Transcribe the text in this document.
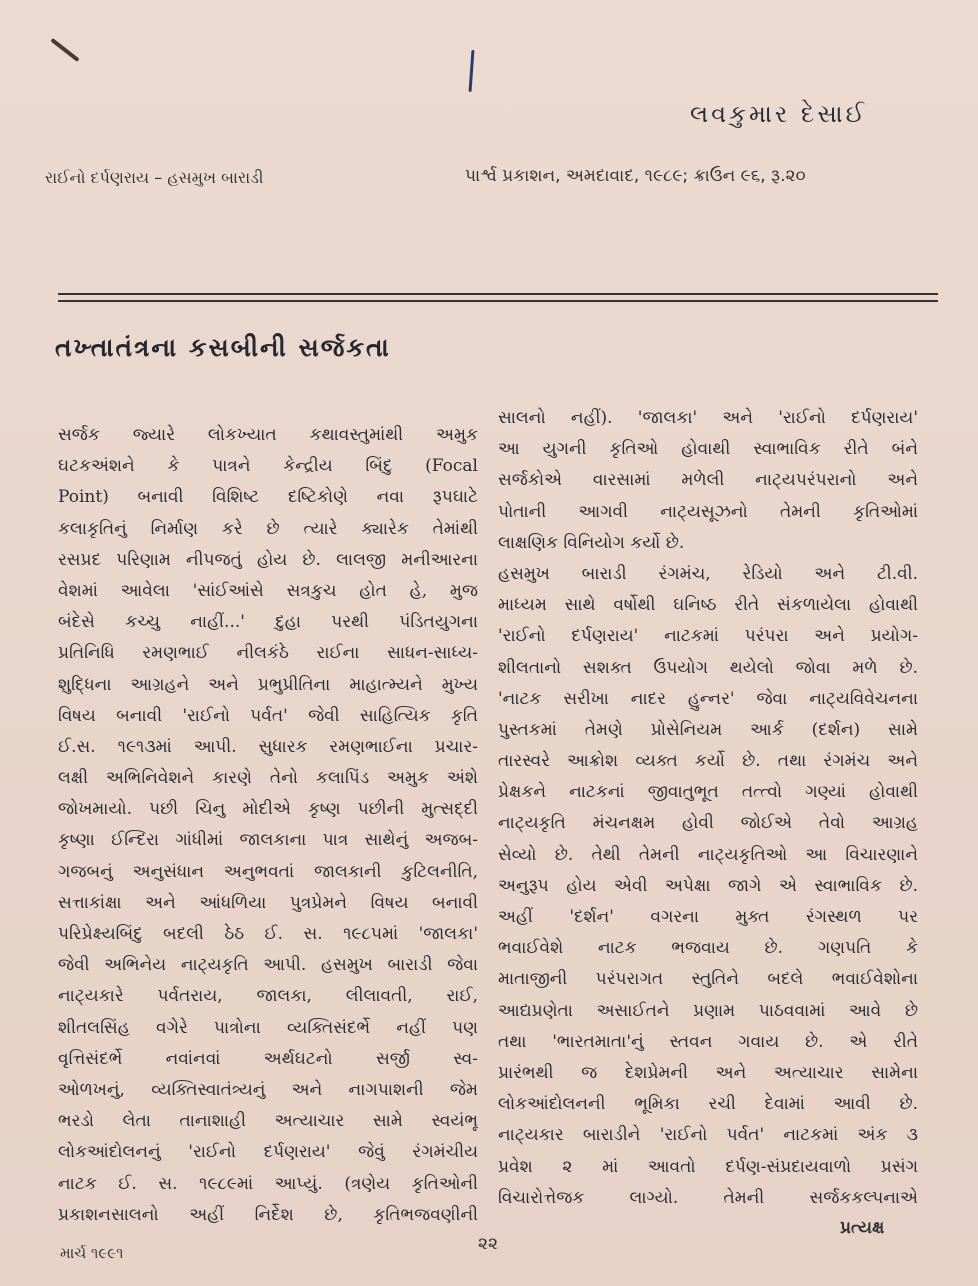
લવકુમાર દેસાઈ
રાઈનો દર્પણરાય – હસમુખ બારાડી	પાર્શ્વ પ્રકાશન, અમદાવાદ, ૧૯૮૯; ક્રાઉન ૯૬, રૂ.૨૦
તખ્તાતંત્રના કસબીની સર્જકતા
સર્જક જ્યારે લોકખ્યાત કથાવસ્તુમાંથી અમુક
ઘટકઅંશને કે પાત્રને કેન્દ્રીય બિંદુ (Focal
Point) બનાવી વિશિષ્ટ દષ્ટિકોણે નવા રૂપઘાટે
કલાકૃતિનું નિર્માણ કરે છે ત્યારે ક્યારેક તેમાંથી
રસપ્રદ પરિણામ નીપજતું હોય છે. લાલજી મનીઆરના
વેશમાં આવેલા 'સાંઈઆંસે સત્રકુચ હોત હે, મુજ
બંદેસે કચ્ચુ નાહીં...' દુહા પરથી પંડિતયુગના
પ્રતિનિધિ રમણભાઈ નીલકંઠે રાઈના સાધન-સાધ્ય-
શુદ્ધિના આગ્રહને અને પ્રભુપ્રીતિના માહાત્મ્યને મુખ્ય
વિષય બનાવી 'રાઈનો પર્વત' જેવી સાહિત્યિક કૃતિ
ઈ.સ. ૧૯૧૩માં આપી. સુધારક રમણભાઈના પ્રચાર-
લક્ષી અભિનિવેશને કારણે તેનો કલાપિંડ અમુક અંશે
જોખમાયો. પછી ચિનુ મોદીએ કૃષ્ણ પછીની મુત્સદ્દી
કૃષ્ણા ઈન્દિરા ગાંધીમાં જાલકાના પાત્ર સાથેનું અજબ-
ગજબનું અનુસંધાન અનુભવતાં જાલકાની કુટિલનીતિ,
સત્તાકાંક્ષા અને આંધળિયા પુત્રપ્રેમને વિષય બનાવી
પરિપ્રેક્ષ્યબિંદુ બદલી ઠેઠ ઈ. સ. ૧૯૮૫માં 'જાલકા'
જેવી અભિનેય નાટ્યકૃતિ આપી. હસમુખ બારાડી જેવા
નાટ્યકારે પર્વતરાય, જાલકા, લીલાવતી, રાઈ,
શીતલસિંહ વગેરે પાત્રોના વ્યક્તિસંદર્ભે નહીં પણ
વૃત્તિસંદર્ભે નવાંનવાં અર્થઘટનો સર્જી સ્વ-
ઓળખનું, વ્યક્તિસ્વાતંત્ર્યનું અને નાગપાશની જેમ
ભરડો લેતા તાનાશાહી અત્યાચાર સામે સ્વયંભૂ
લોકઆંદોલનનું 'રાઈનો દર્પણરાય' જેવું રંગમંચીય
નાટક ઈ. સ. ૧૯૮૯માં આપ્યું. (ત્રણેય કૃતિઓની
પ્રકાશનસાલનો અહીં નિર્દેશ છે, કૃતિભજવણીની
સાલનો નહીં). 'જાલકા' અને 'રાઈનો દર્પણરાય'
આ યુગની કૃતિઓ હોવાથી સ્વાભાવિક રીતે બંને
સર્જકોએ વારસામાં મળેલી નાટ્યપરંપરાનો અને
પોતાની આગવી નાટ્યસૂઝનો તેમની કૃતિઓમાં
લાક્ષણિક વિનિયોગ કર્યો છે.
હસમુખ બારાડી રંગમંચ, રેડિયો અને ટી.વી.
માધ્યમ સાથે વર્ષોથી ઘનિષ્ઠ રીતે સંકળાયેલા હોવાથી
'રાઈનો દર્પણરાય' નાટકમાં પરંપરા અને પ્રયોગ-
શીલતાનો સશક્ત ઉપયોગ થયેલો જોવા મળે છે.
'નાટક સરીખા નાદર હુન્નર' જેવા નાટ્યવિવેચનના
પુસ્તકમાં તેમણે પ્રોસેનિયમ આર્ક (દર્શન) સામે
તારસ્વરે આક્રોશ વ્યક્ત કર્યો છે. તથા રંગમંચ અને
પ્રેક્ષકને નાટકનાં જીવાતુભૂત તત્ત્વો ગણ્યાં હોવાથી
નાટ્યકૃતિ મંચનક્ષમ હોવી જોઈએ તેવો આગ્રહ
સેવ્યો છે. તેથી તેમની નાટ્યકૃતિઓ આ વિચારણાને
અનુરૂપ હોય એવી અપેક્ષા જાગે એ સ્વાભાવિક છે.
અહીં 'દર્શન' વગરના મુક્ત રંગસ્થળ પર
ભવાઈવેશે નાટક ભજવાય છે. ગણપતિ કે
માતાજીની પરંપરાગત સ્તુતિને બદલે ભવાઈવેશોના
આદ્યપ્રણેતા અસાઈતને પ્રણામ પાઠવવામાં આવે છે
તથા 'ભારતમાતા'નું સ્તવન ગવાય છે. એ રીતે
પ્રારંભથી જ દેશપ્રેમની અને અત્યાચાર સામેના
લોકઆંદોલનની ભૂમિકા રચી દેવામાં આવી છે.
નાટ્યકાર બારાડીને 'રાઈનો પર્વત' નાટકમાં અંક ૩
પ્રવેશ ૨ માં આવતો દર્પણ-સંપ્રદાયવાળો પ્રસંગ
વિચારોત્તેજક લાગ્યો. તેમની સર્જકકલ્પનાએ
માર્ચ ૧૯૯૧	૨૨
પ્રત્યક્ષ
